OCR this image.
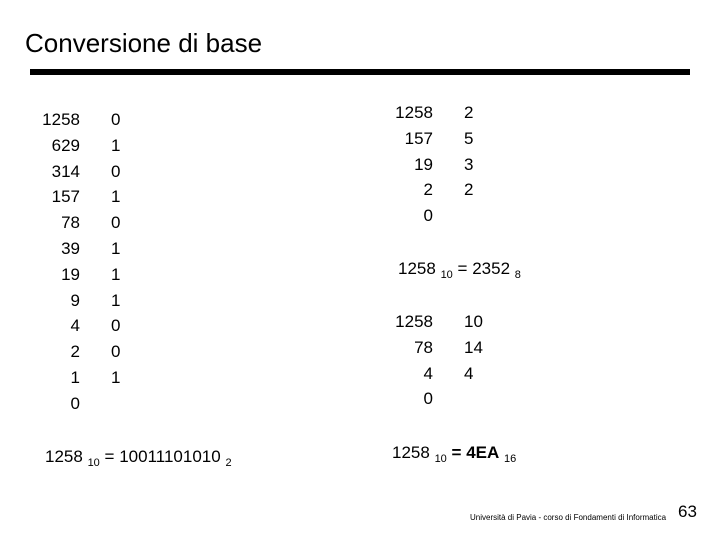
Conversione di base
1258
629
314
157
78
39
19
9
4
2
1
0
0
1
0
1
0
1
1
1
0
0
1
1258 $_{10}$ = 10011101010 $_2$
1258
157
19
2
0
2
5
3
2
1258 $_{10}$ = 2352 $_8$
1258
78
4
0
10
14
4
1258 $_{10}$ = 4EA $_{16}$
Università di Pavia - corso di Fondamenti di Informatica 63
